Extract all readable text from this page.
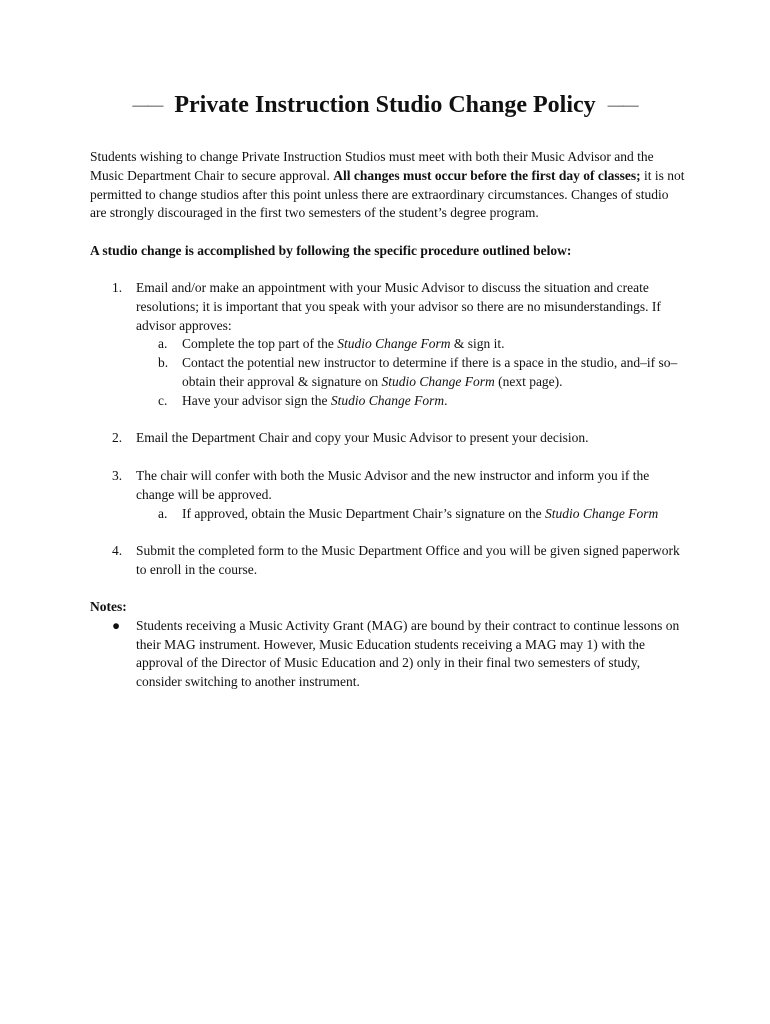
—— Private Instruction Studio Change Policy ——
Students wishing to change Private Instruction Studios must meet with both their Music Advisor and the Music Department Chair to secure approval. All changes must occur before the first day of classes; it is not permitted to change studios after this point unless there are extraordinary circumstances. Changes of studio are strongly discouraged in the first two semesters of the student’s degree program.
A studio change is accomplished by following the specific procedure outlined below:
1. Email and/or make an appointment with your Music Advisor to discuss the situation and create resolutions; it is important that you speak with your advisor so there are no misunderstandings. If advisor approves:
a. Complete the top part of the Studio Change Form & sign it.
b. Contact the potential new instructor to determine if there is a space in the studio, and–if so–obtain their approval & signature on Studio Change Form (next page).
c. Have your advisor sign the Studio Change Form.
2. Email the Department Chair and copy your Music Advisor to present your decision.
3. The chair will confer with both the Music Advisor and the new instructor and inform you if the change will be approved.
a. If approved, obtain the Music Department Chair’s signature on the Studio Change Form
4. Submit the completed form to the Music Department Office and you will be given signed paperwork to enroll in the course.
Notes:
● Students receiving a Music Activity Grant (MAG) are bound by their contract to continue lessons on their MAG instrument. However, Music Education students receiving a MAG may 1) with the approval of the Director of Music Education and 2) only in their final two semesters of study, consider switching to another instrument.
